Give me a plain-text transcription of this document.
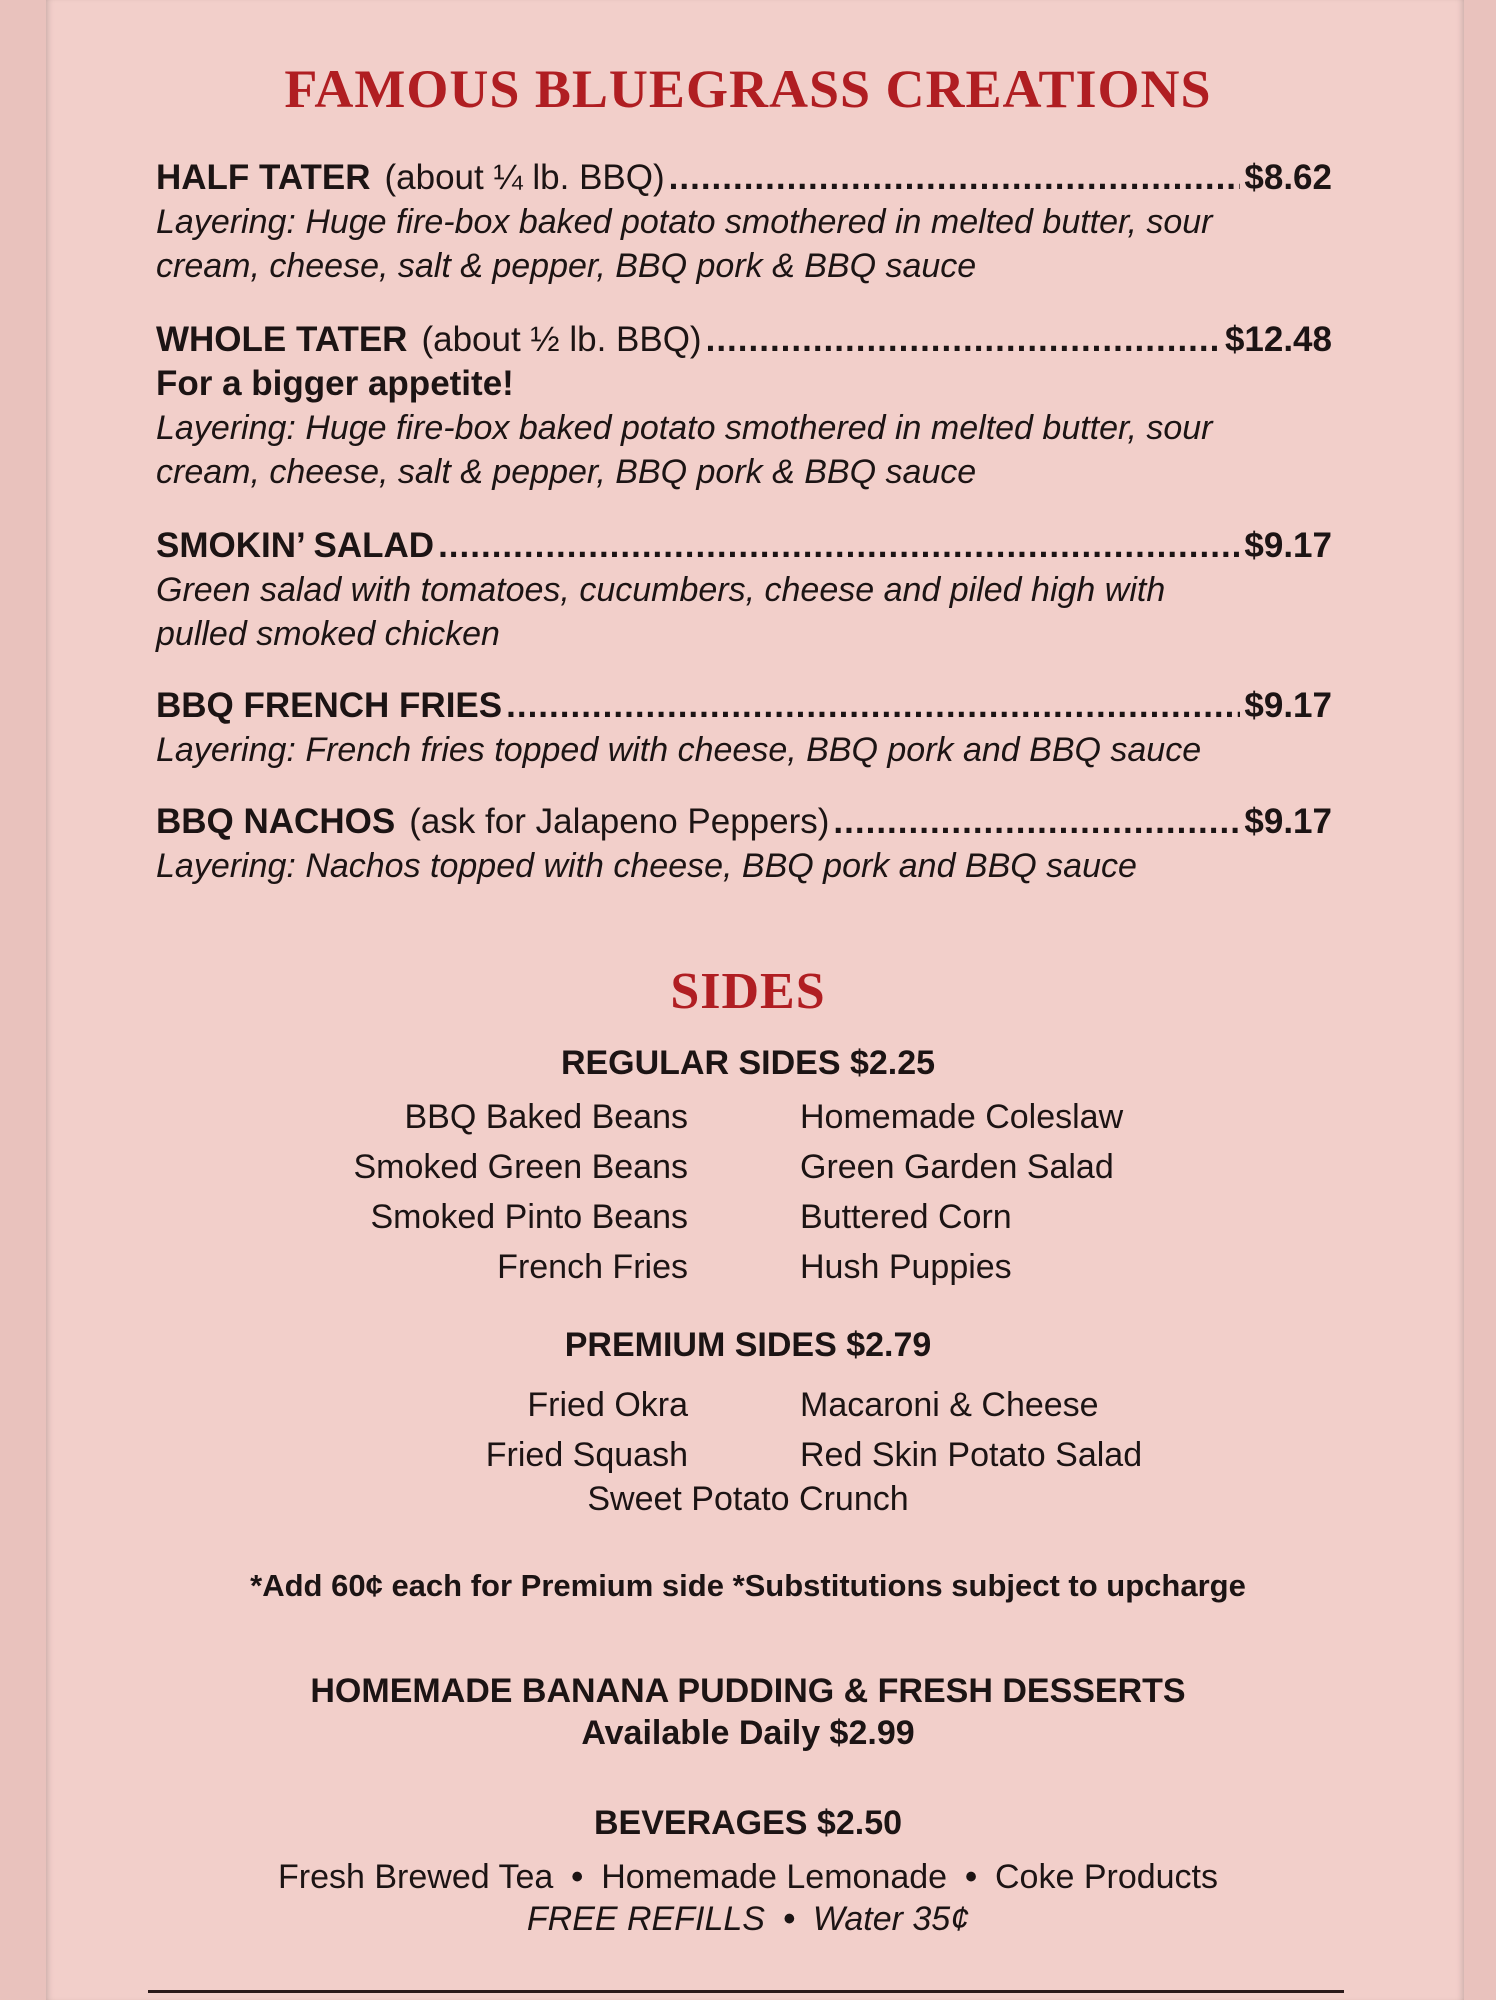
FAMOUS BLUEGRASS CREATIONS
HALF TATER (about ¼ lb. BBQ) .....	$8.62
Layering: Huge fire-box baked potato smothered in melted butter, sour
cream, cheese, salt & pepper, BBQ pork & BBQ sauce
WHOLE TATER (about ½ lb. BBQ) .....	$12.48
For a bigger appetite!
Layering: Huge fire-box baked potato smothered in melted butter, sour
cream, cheese, salt & pepper, BBQ pork & BBQ sauce
SMOKIN’ SALAD .....	$9.17
Green salad with tomatoes, cucumbers, cheese and piled high with
pulled smoked chicken
BBQ FRENCH FRIES .....	$9.17
Layering: French fries topped with cheese, BBQ pork and BBQ sauce
BBQ NACHOS (ask for Jalapeno Peppers) .....	$9.17
Layering: Nachos topped with cheese, BBQ pork and BBQ sauce
SIDES
REGULAR SIDES $2.25
BBQ Baked Beans
Smoked Green Beans
Smoked Pinto Beans
French Fries
Homemade Coleslaw
Green Garden Salad
Buttered Corn
Hush Puppies
PREMIUM SIDES $2.79
Fried Okra
Fried Squash
Macaroni & Cheese
Red Skin Potato Salad
Sweet Potato Crunch
*Add 60¢ each for Premium side *Substitutions subject to upcharge
HOMEMADE BANANA PUDDING & FRESH DESSERTS
Available Daily $2.99
BEVERAGES $2.50
Fresh Brewed Tea • Homemade Lemonade • Coke Products
FREE REFILLS • Water 35¢
